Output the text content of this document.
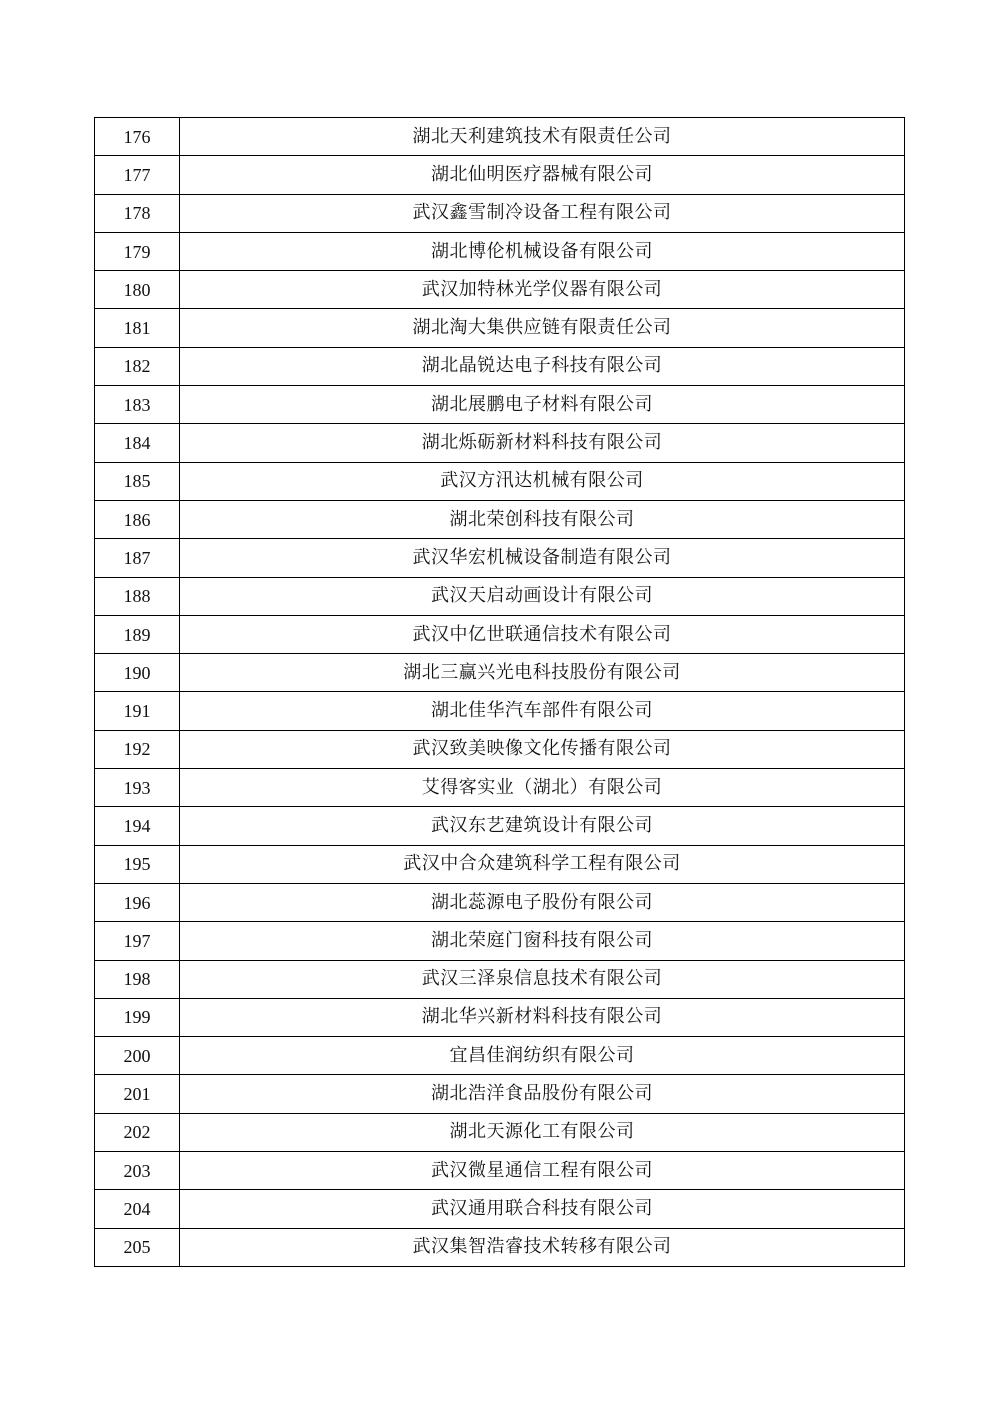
176	湖北天利建筑技术有限责任公司
177	湖北仙明医疗器械有限公司
178	武汉鑫雪制冷设备工程有限公司
179	湖北博伦机械设备有限公司
180	武汉加特林光学仪器有限公司
181	湖北淘大集供应链有限责任公司
182	湖北晶锐达电子科技有限公司
183	湖北展鹏电子材料有限公司
184	湖北烁砺新材料科技有限公司
185	武汉方汛达机械有限公司
186	湖北荣创科技有限公司
187	武汉华宏机械设备制造有限公司
188	武汉天启动画设计有限公司
189	武汉中亿世联通信技术有限公司
190	湖北三赢兴光电科技股份有限公司
191	湖北佳华汽车部件有限公司
192	武汉致美映像文化传播有限公司
193	艾得客实业（湖北）有限公司
194	武汉东艺建筑设计有限公司
195	武汉中合众建筑科学工程有限公司
196	湖北蕊源电子股份有限公司
197	湖北荣庭门窗科技有限公司
198	武汉三泽泉信息技术有限公司
199	湖北华兴新材料科技有限公司
200	宜昌佳润纺织有限公司
201	湖北浩洋食品股份有限公司
202	湖北天源化工有限公司
203	武汉微星通信工程有限公司
204	武汉通用联合科技有限公司
205	武汉集智浩睿技术转移有限公司
